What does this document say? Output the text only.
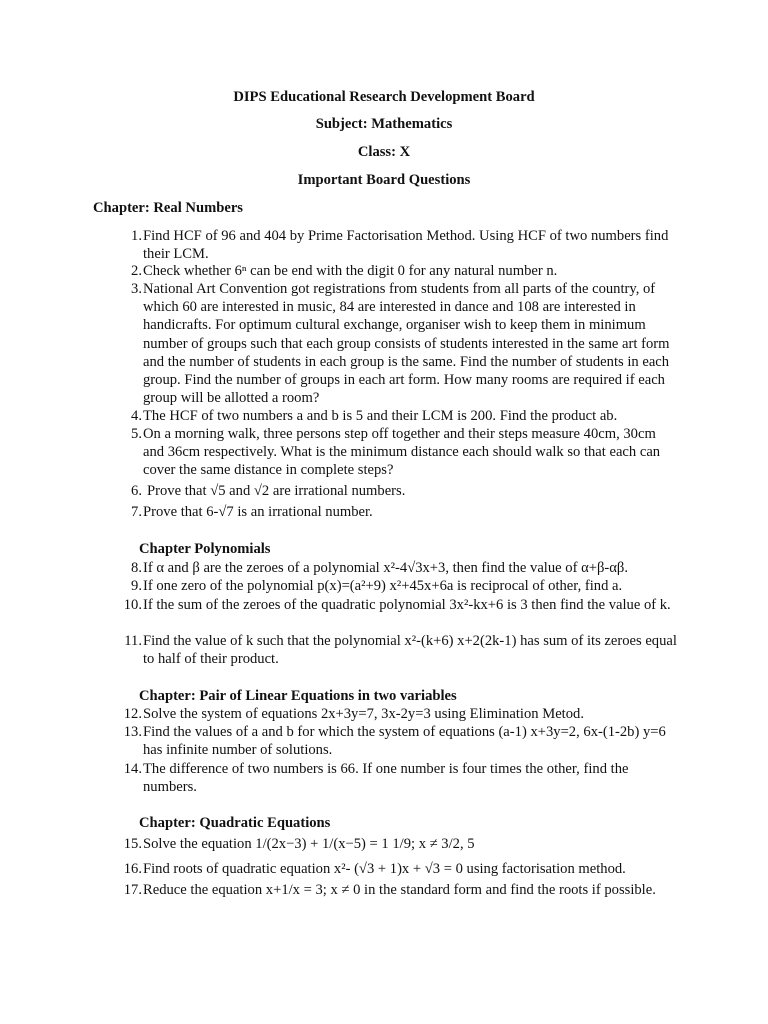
DIPS Educational Research Development Board
Subject: Mathematics
Class: X
Important Board Questions
Chapter: Real Numbers
1. Find HCF of 96 and 404 by Prime Factorisation Method. Using HCF of two numbers find their LCM.
2. Check whether 6ⁿ can be end with the digit 0 for any natural number n.
3. National Art Convention got registrations from students from all parts of the country, of which 60 are interested in music, 84 are interested in dance and 108 are interested in handicrafts. For optimum cultural exchange, organiser wish to keep them in minimum number of groups such that each group consists of students interested in the same art form and the number of students in each group is the same. Find the number of students in each group. Find the number of groups in each art form. How many rooms are required if each group will be allotted a room?
4. The HCF of two numbers a and b is 5 and their LCM is 200. Find the product ab.
5. On a morning walk, three persons step off together and their steps measure 40cm, 30cm and 36cm respectively. What is the minimum distance each should walk so that each can cover the same distance in complete steps?
6. Prove that √5 and √2 are irrational numbers.
7. Prove that 6-√7 is an irrational number.
Chapter Polynomials
8. If α and β are the zeroes of a polynomial x²-4√3x+3, then find the value of α+β-αβ.
9. If one zero of the polynomial p(x)=(a²+9) x²+45x+6a is reciprocal of other, find a.
10. If the sum of the zeroes of the quadratic polynomial 3x²-kx+6 is 3 then find the value of k.
11. Find the value of k such that the polynomial x²-(k+6) x+2(2k-1) has sum of its zeroes equal to half of their product.
Chapter: Pair of Linear Equations in two variables
12. Solve the system of equations 2x+3y=7, 3x-2y=3 using Elimination Metod.
13. Find the values of a and b for which the system of equations (a-1) x+3y=2, 6x-(1-2b) y=6 has infinite number of solutions.
14. The difference of two numbers is 66. If one number is four times the other, find the numbers.
Chapter: Quadratic Equations
15. Solve the equation 1/(2x−3) + 1/(x−5) = 1 1/9; x ≠ 3/2, 5
16. Find roots of quadratic equation x²- (√3 + 1)x + √3 = 0 using factorisation method.
17. Reduce the equation x+1/x = 3; x ≠ 0 in the standard form and find the roots if possible.
